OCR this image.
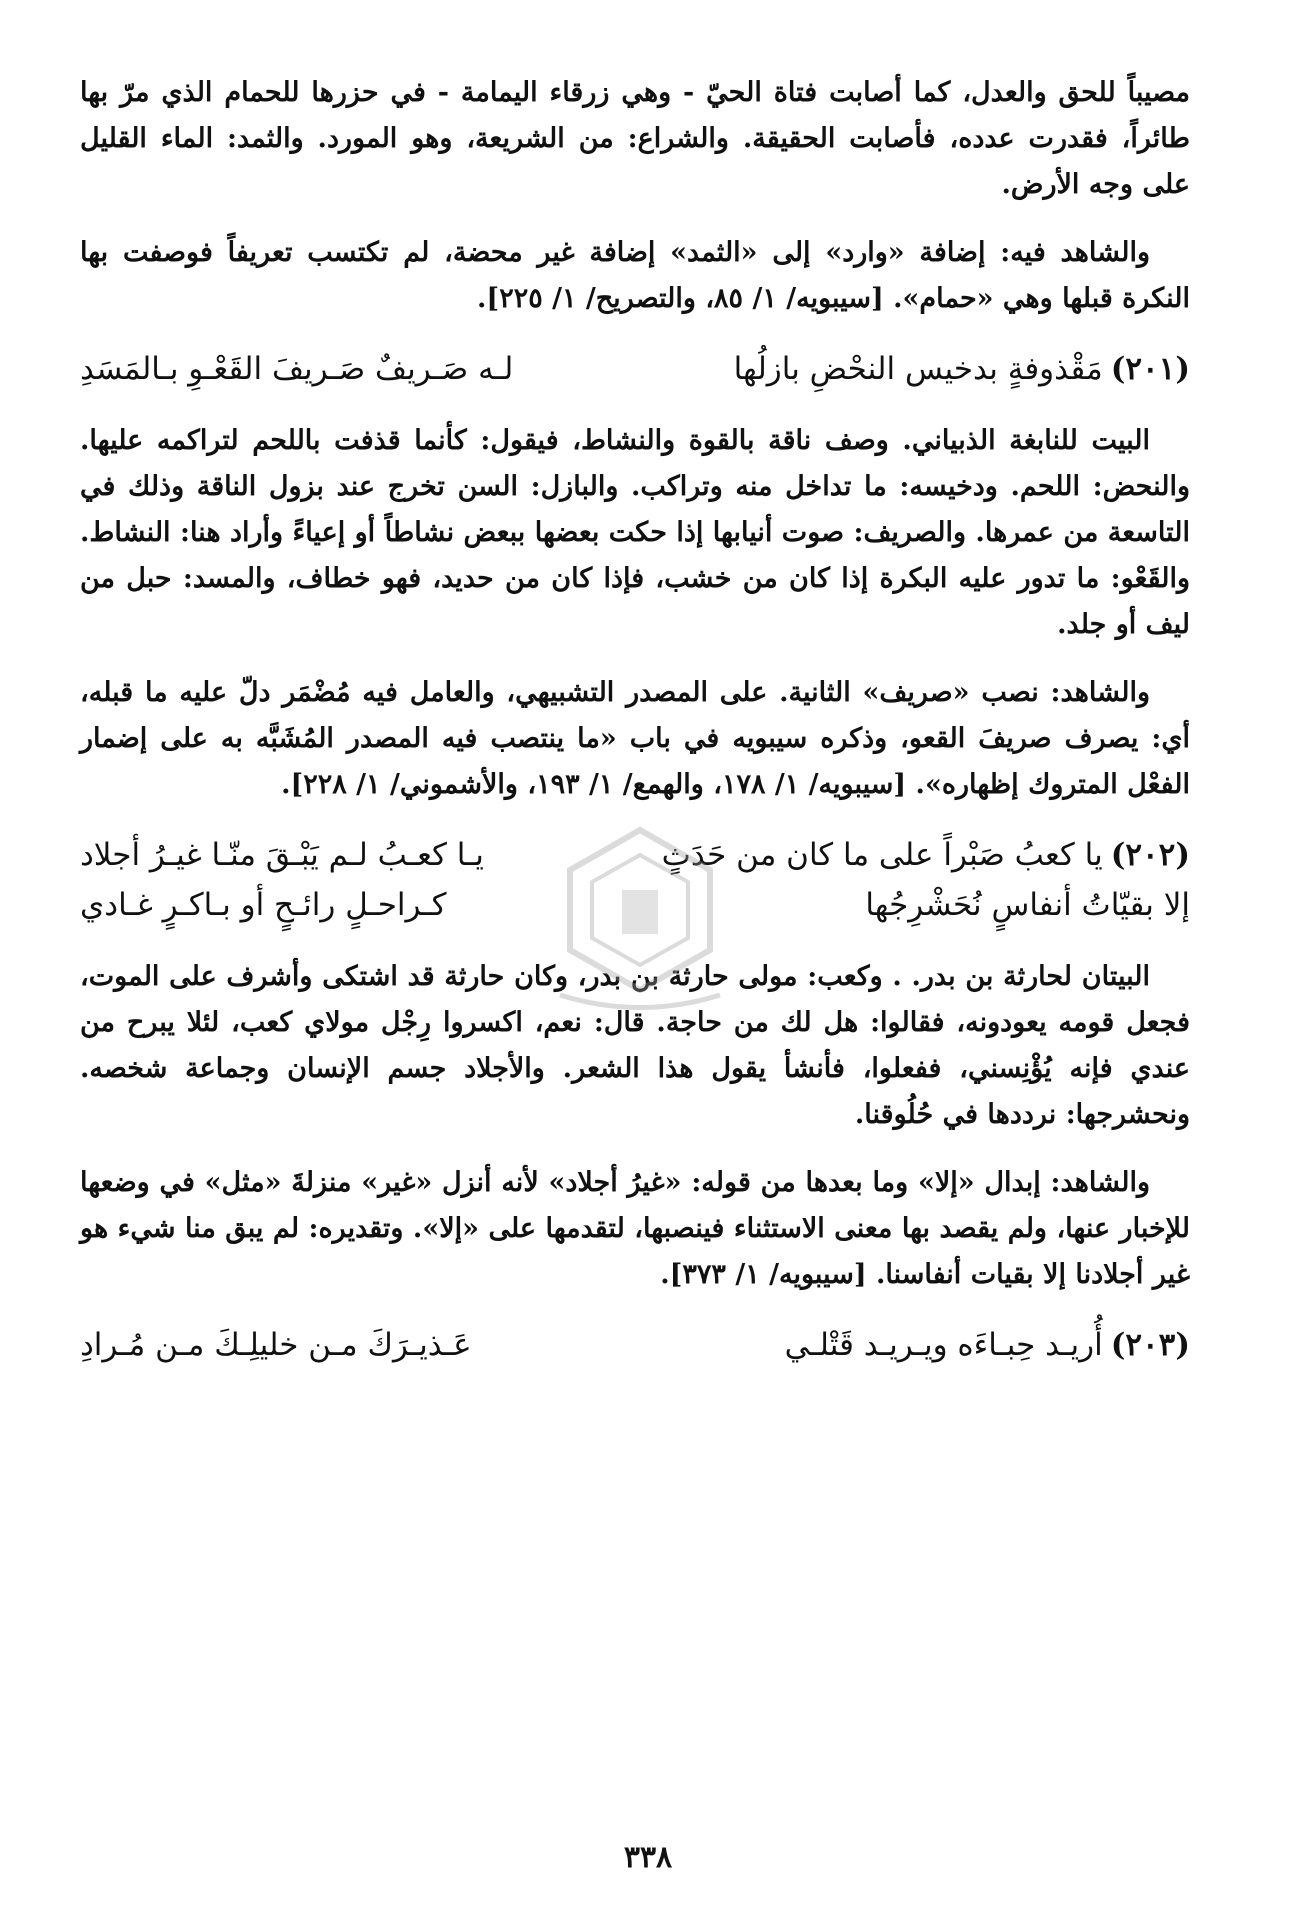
مصيباً للحق والعدل، كما أصابت فتاة الحيّ - وهي زرقاء اليمامة - في حزرها للحمام الذي مرّ بها طائراً، فقدرت عدده، فأصابت الحقيقة. والشراع: من الشريعة، وهو المورد. والثمد: الماء القليل على وجه الأرض.

والشاهد فيه: إضافة «وارد» إلى «الثمد» إضافة غير محضة، لم تكتسب تعريفاً فوصفت بها النكرة قبلها وهي «حمام». [سيبويه/ ١/ ٨٥، والتصريح/ ١/ ٢٢٥].

(٢٠١)مَقْذوفةٍ بدخيس النحْضِ بازلُها
لـه صَـريفٌ صَـريفَ القَعْـوِ بـالمَسَدِ

البيت للنابغة الذبياني. وصف ناقة بالقوة والنشاط، فيقول: كأنما قذفت باللحم لتراكمه عليها. والنحض: اللحم. ودخيسه: ما تداخل منه وتراكب. والبازل: السن تخرج عند بزول الناقة وذلك في التاسعة من عمرها. والصريف: صوت أنيابها إذا حكت بعضها ببعض نشاطاً أو إعياءً وأراد هنا: النشاط. والقَعْو: ما تدور عليه البكرة إذا كان من خشب، فإذا كان من حديد، فهو خطاف، والمسد: حبل من ليف أو جلد.

والشاهد: نصب «صريف» الثانية. على المصدر التشبيهي، والعامل فيه مُضْمَر دلّ عليه ما قبله، أي: يصرف صريفَ القعو، وذكره سيبويه في باب «ما ينتصب فيه المصدر المُشَبَّه به على إضمار الفعْل المتروك إظهاره». [سيبويه/ ١/ ١٧٨، والهمع/ ١/ ١٩٣، والأشموني/ ١/ ٢٢٨].

(٢٠٢)يا كعبُ صَبْراً على ما كان من حَدَثٍ
يـا كعـبُ لـم يَبْـقَ منّـا غيـرُ أجلاد
إلا بقيّاتُ أنفاسٍ نُحَشْرِجُها
كـراحـلٍ رائـحٍ أو بـاكـرٍ غـادي

البيتان لحارثة بن بدر. . وكعب: مولى حارثة بن بدر، وكان حارثة قد اشتكى وأشرف على الموت، فجعل قومه يعودونه، فقالوا: هل لك من حاجة. قال: نعم، اكسروا رِجْل مولاي كعب، لئلا يبرح من عندي فإنه يُؤْنِسني، ففعلوا، فأنشأ يقول هذا الشعر. والأجلاد جسم الإنسان وجماعة شخصه. ونحشرجها: نرددها في حُلُوقنا.

والشاهد: إبدال «إلا» وما بعدها من قوله: «غيرُ أجلاد» لأنه أنزل «غير» منزلةَ «مثل» في وضعها للإخبار عنها، ولم يقصد بها معنى الاستثناء فينصبها، لتقدمها على «إلا». وتقديره: لم يبق منا شيء هو غير أجلادنا إلا بقيات أنفاسنا. [سيبويه/ ١/ ٣٧٣].

(٢٠٣)أُريـد حِبـاءَه ويـريـد قَتْلـي
عَـذيـرَكَ مـن خليلِـكَ مـن مُـرادِ
٣٣٨
